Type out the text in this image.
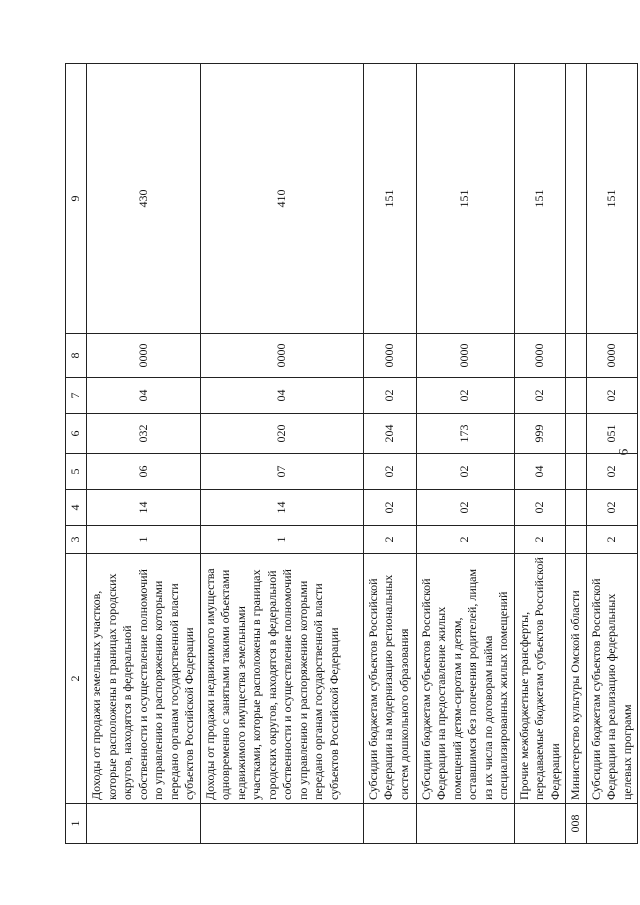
9
1	2	3	4	5	6	7	8	9
	Доходы от продажи земельных участков, которые расположены в границах городских округов, находятся в федеральной собственности и осуществление полномочий по управлению и распоряжению которыми передано органам государственной власти субъектов Российской Федерации	1	14	06	032	04	0000	430
	Доходы от продажи недвижимого имущества одновременно с занятыми такими объектами недвижимого имущества земельными участками, которые расположены в границах городских округов, находятся в федеральной собственности и осуществление полномочий по управлению и распоряжению которыми передано органам государственной власти субъектов Российской Федерации	1	14	07	020	04	0000	410
	Субсидии бюджетам субъектов Российской Федерации на модернизацию региональных систем дошкольного образования	2	02	02	204	02	0000	151
	Субсидии бюджетам субъектов Российской Федерации на предоставление жилых помещений детям-сиротам и детям, оставшимся без попечения родителей, лицам из их числа по договорам найма специализированных жилых помещений	2	02	02	173	02	0000	151
	Прочие межбюджетные трансферты, передаваемые бюджетам субъектов Российской Федерации	2	02	04	999	02	0000	151
008	Министерство культуры Омской области							
	Субсидии бюджетам субъектов Российской Федерации на реализацию федеральных целевых программ	2	02	02	051	02	0000	151
